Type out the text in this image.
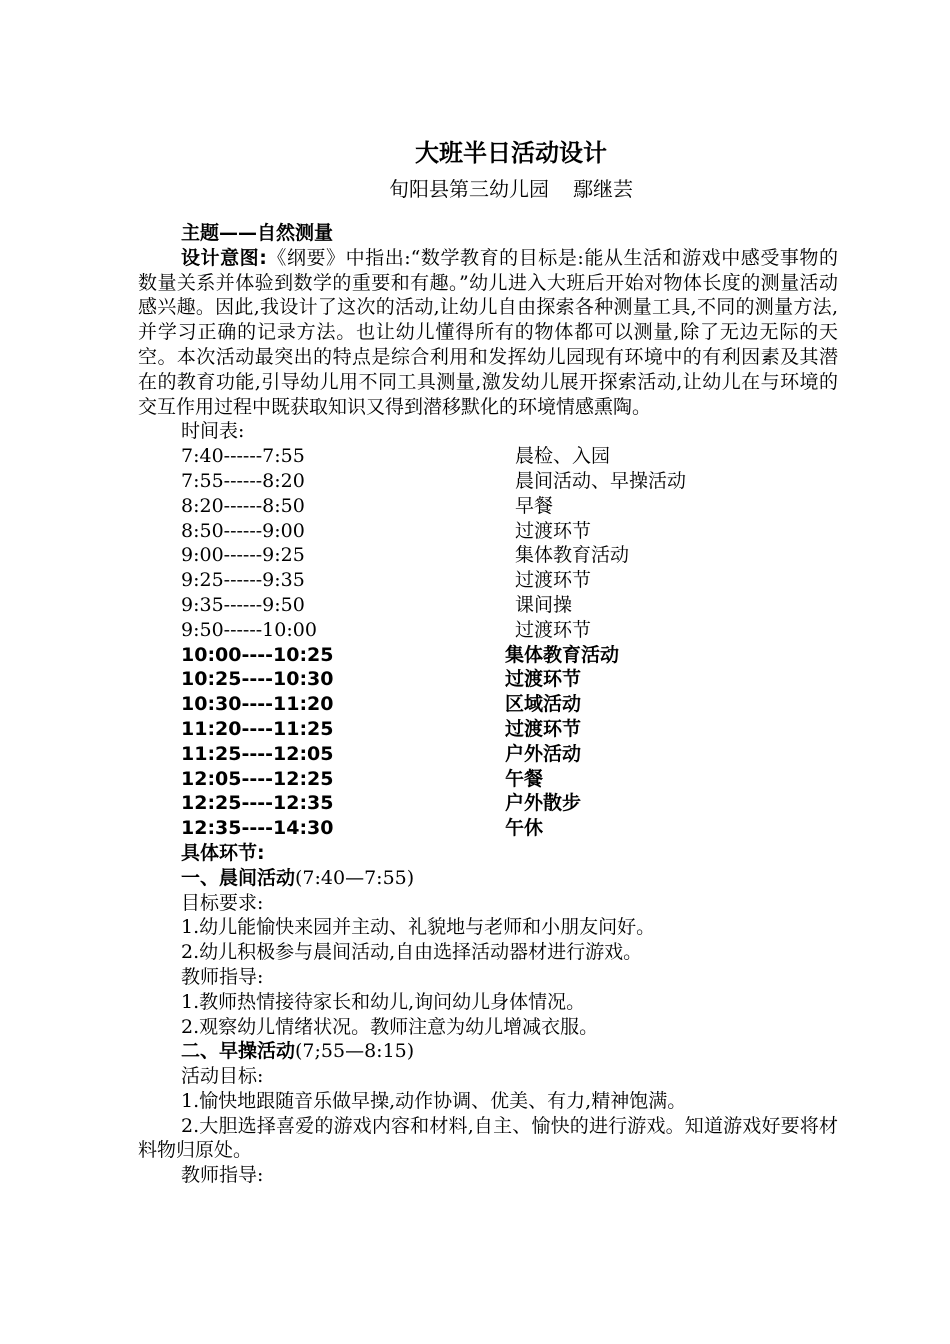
大班半日活动设计
旬阳县第三幼儿园 鄢继芸
主题——自然测量
设计意图:《纲要》中指出:“数学教育的目标是:能从生活和游戏中感受事物的数量关系并体验到数学的重要和有趣。”幼儿进入大班后开始对物体长度的测量活动感兴趣。因此,我设计了这次的活动,让幼儿自由探索各种测量工具,不同的测量方法,并学习正确的记录方法。也让幼儿懂得所有的物体都可以测量,除了无边无际的天空。本次活动最突出的特点是综合利用和发挥幼儿园现有环境中的有利因素及其潜在的教育功能,引导幼儿用不同工具测量,激发幼儿展开探索活动,让幼儿在与环境的交互作用过程中既获取知识又得到潜移默化的环境情感熏陶。
时间表:
7:40------7:55	晨检、入园
7:55------8:20	晨间活动、早操活动
8:20------8:50	早餐
8:50------9:00	过渡环节
9:00------9:25	集体教育活动
9:25------9:35	过渡环节
9:35------9:50	课间操
9:50------10:00	过渡环节
10:00----10:25	集体教育活动
10:25----10:30	过渡环节
10:30----11:20	区域活动
11:20----11:25	过渡环节
11:25----12:05	户外活动
12:05----12:25	午餐
12:25----12:35	户外散步
12:35----14:30	午休
具体环节:
一、晨间活动(7:40—7:55)
目标要求:
1.幼儿能愉快来园并主动、礼貌地与老师和小朋友问好。
2.幼儿积极参与晨间活动,自由选择活动器材进行游戏。
教师指导:
1.教师热情接待家长和幼儿,询问幼儿身体情况。
2.观察幼儿情绪状况。教师注意为幼儿增减衣服。
二、早操活动(7;55—8:15)
活动目标:
1.愉快地跟随音乐做早操,动作协调、优美、有力,精神饱满。
2.大胆选择喜爱的游戏内容和材料,自主、愉快的进行游戏。知道游戏好要将材料物归原处。
教师指导:
